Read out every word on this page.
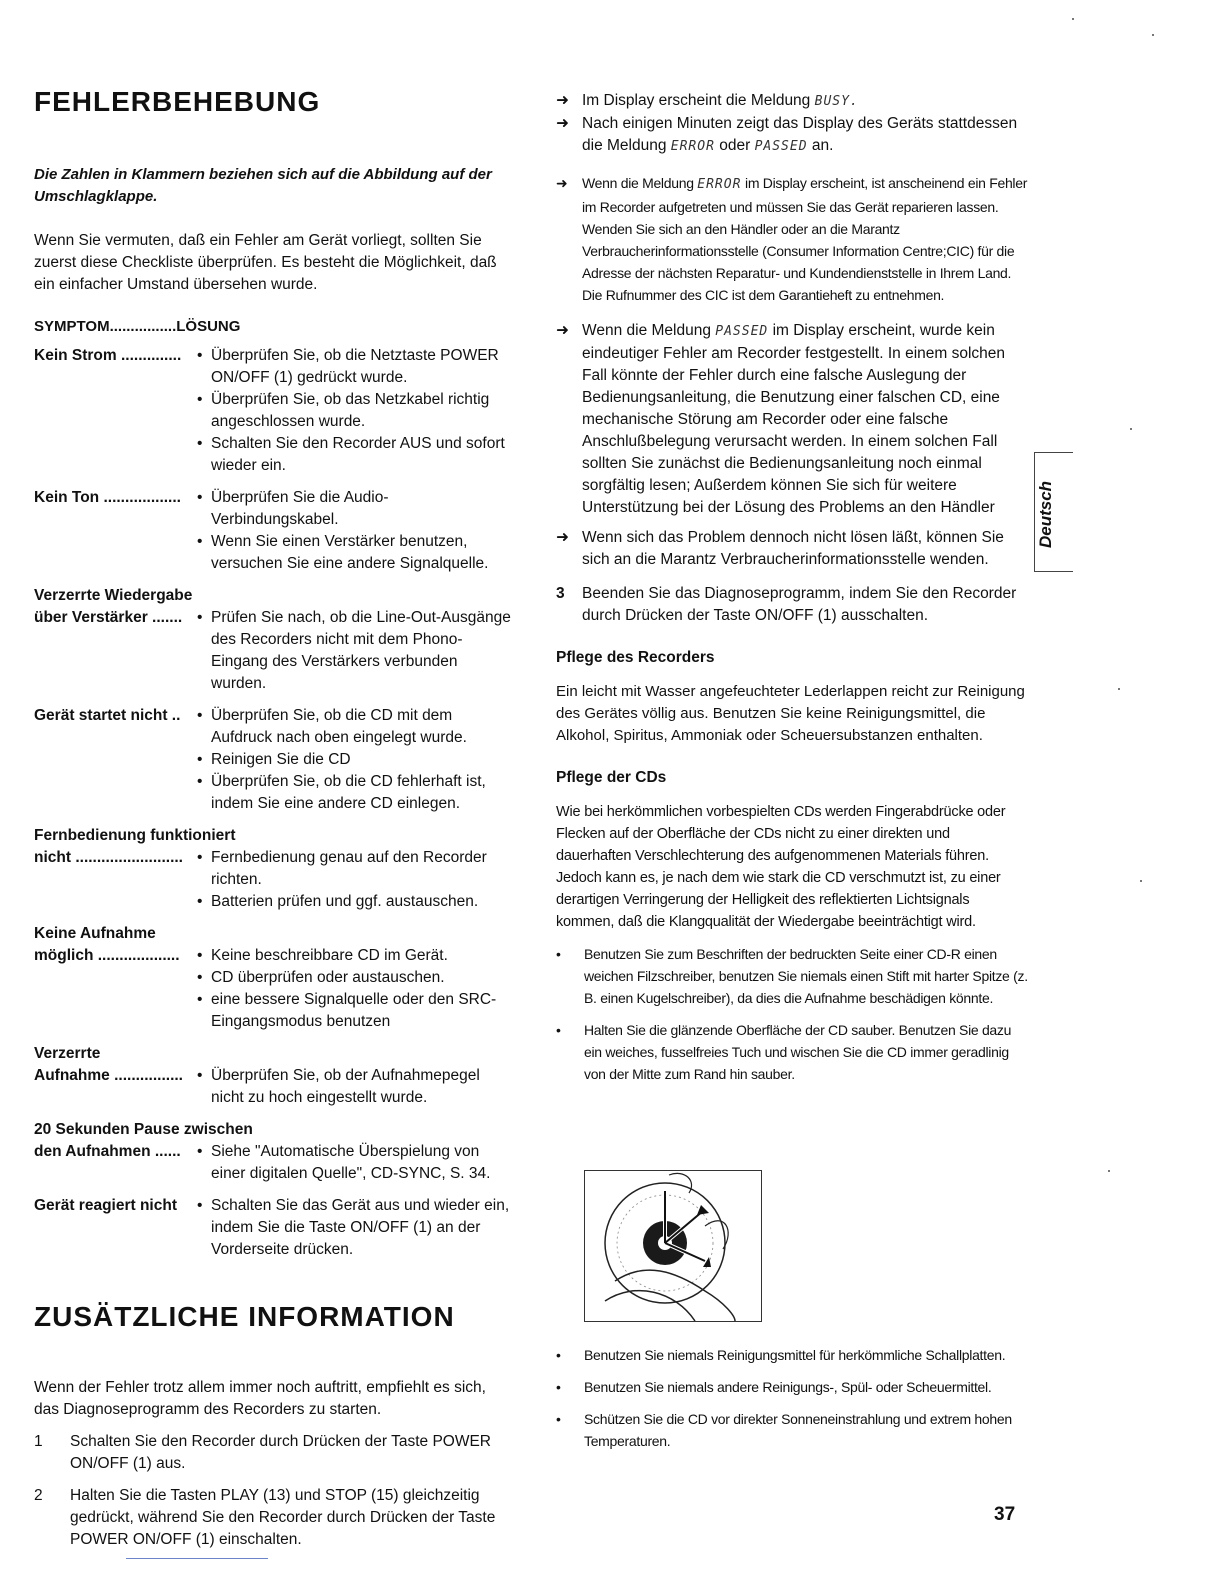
FEHLERBEHEBUNG

Die Zahlen in Klammern beziehen sich auf die Abbildung auf der Umschlagklappe.

Wenn Sie vermuten, daß ein Fehler am Gerät vorliegt, sollten Sie zuerst diese Checkliste überprüfen. Es besteht die Möglichkeit, daß ein einfacher Umstand übersehen wurde.

SYMPTOM................LÖSUNG
Kein Strom ..............	• Überprüfen Sie, ob die Netztaste POWER ON/OFF (1) gedrückt wurde.
• Überprüfen Sie, ob das Netzkabel richtig angeschlossen wurde.
• Schalten Sie den Recorder AUS und sofort wieder ein.
Kein Ton ..................	• Überprüfen Sie die Audio-Verbindungskabel.
• Wenn Sie einen Verstärker benutzen, versuchen Sie eine andere Signalquelle.
Verzerrte Wiedergabe
über Verstärker ....... • Prüfen Sie nach, ob die Line-Out-Ausgänge des Recorders nicht mit dem Phono-Eingang des Verstärkers verbunden wurden.
Gerät startet nicht ..	• Überprüfen Sie, ob die CD mit dem Aufdruck nach oben eingelegt wurde.
• Reinigen Sie die CD
• Überprüfen Sie, ob die CD fehlerhaft ist, indem Sie eine andere CD einlegen.
Fernbedienung funktioniert
nicht ......................... • Fernbedienung genau auf den Recorder richten.
• Batterien prüfen und ggf. austauschen.
Keine Aufnahme
möglich ...................	• Keine beschreibbare CD im Gerät.
• CD überprüfen oder austauschen.
• eine bessere Signalquelle oder den SRC-Eingangsmodus benutzen
Verzerrte
Aufnahme ................ • Überprüfen Sie, ob der Aufnahmepegel nicht zu hoch eingestellt wurde.
20 Sekunden Pause zwischen
den Aufnahmen ......	• Siehe "Automatische Überspielung von einer digitalen Quelle", CD-SYNC, S. 34.
Gerät reagiert nicht	• Schalten Sie das Gerät aus und wieder ein, indem Sie die Taste ON/OFF (1) an der Vorderseite drücken.
ZUSÄTZLICHE INFORMATION

Wenn der Fehler trotz allem immer noch auftritt, empfiehlt es sich, das Diagnoseprogramm des Recorders zu starten.

1	Schalten Sie den Recorder durch Drücken der Taste POWER ON/OFF (1) aus.
2	Halten Sie die Tasten PLAY (13) und STOP (15) gleichzeitig gedrückt, während Sie den Recorder durch Drücken der Taste POWER ON/OFF (1) einschalten.
➜ Im Display erscheint die Meldung BUSY.
➜ Nach einigen Minuten zeigt das Display des Geräts stattdessen die Meldung ERROR oder PASSED an.
➜	Wenn die Meldung ERROR im Display erscheint, ist anscheinend ein Fehler im Recorder aufgetreten und müssen Sie das Gerät reparieren lassen. Wenden Sie sich an den Händler oder an die Marantz Verbraucherinformationsstelle (Consumer Information Centre;CIC) für die Adresse der nächsten Reparatur- und Kundendienststelle in Ihrem Land. Die Rufnummer des CIC ist dem Garantieheft zu entnehmen.
➜ Wenn die Meldung PASSED im Display erscheint, wurde kein eindeutiger Fehler am Recorder festgestellt. In einem solchen Fall könnte der Fehler durch eine falsche Auslegung der Bedienungsanleitung, die Benutzung einer falschen CD, eine mechanische Störung am Recorder oder eine falsche Anschlußbelegung verursacht werden. In einem solchen Fall sollten Sie zunächst die Bedienungsanleitung noch einmal sorgfältig lesen; Außerdem können Sie sich für weitere Unterstützung bei der Lösung des Problems an den Händler
➜ Wenn sich das Problem dennoch nicht lösen läßt, können Sie sich an die Marantz Verbraucherinformationsstelle wenden.
3	Beenden Sie das Diagnoseprogramm, indem Sie den Recorder durch Drücken der Taste ON/OFF (1) ausschalten.
Pflege des Recorders

Ein leicht mit Wasser angefeuchteter Lederlappen reicht zur Reinigung des Gerätes völlig aus. Benutzen Sie keine Reinigungsmittel, die Alkohol, Spiritus, Ammoniak oder Scheuersubstanzen enthalten.

Pflege der CDs

Wie bei herkömmlichen vorbespielten CDs werden Fingerabdrücke oder Flecken auf der Oberfläche der CDs nicht zu einer direkten und dauerhaften Verschlechterung des aufgenommenen Materials führen. Jedoch kann es, je nach dem wie stark die CD verschmutzt ist, zu einer derartigen Verringerung der Helligkeit des reflektierten Lichtsignals kommen, daß die Klangqualität der Wiedergabe beeinträchtigt wird.

•	Benutzen Sie zum Beschriften der bedruckten Seite einer CD-R einen weichen Filzschreiber, benutzen Sie niemals einen Stift mit harter Spitze (z. B. einen Kugelschreiber), da dies die Aufnahme beschädigen könnte.
•	Halten Sie die glänzende Oberfläche der CD sauber. Benutzen Sie dazu ein weiches, fusselfreies Tuch und wischen Sie die CD immer geradlinig von der Mitte zum Rand hin sauber.
•	Benutzen Sie niemals Reinigungsmittel für herkömmliche Schallplatten.
•	Benutzen Sie niemals andere Reinigungs-, Spül- oder Scheuermittel.
•	Schützen Sie die CD vor direkter Sonneneinstrahlung und extrem hohen Temperaturen.
Deutsch
37
